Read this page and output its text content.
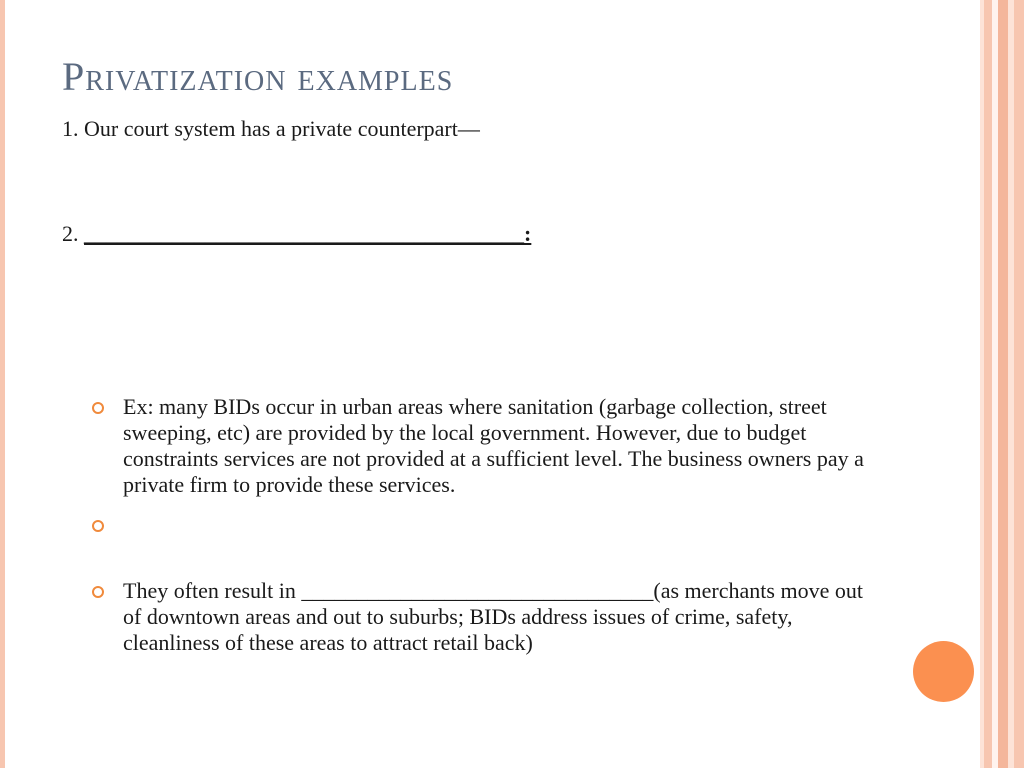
Privatization examples
1. Our court system has a private counterpart—
2. ________________________________________:
Ex: many BIDs occur in urban areas where sanitation (garbage collection, street sweeping, etc) are provided by the local government. However, due to budget constraints services are not provided at a sufficient level. The business owners pay a private firm to provide these services.
They often result in ________________________________(as merchants move out of downtown areas and out to suburbs; BIDs address issues of crime, safety, cleanliness of these areas to attract retail back)
